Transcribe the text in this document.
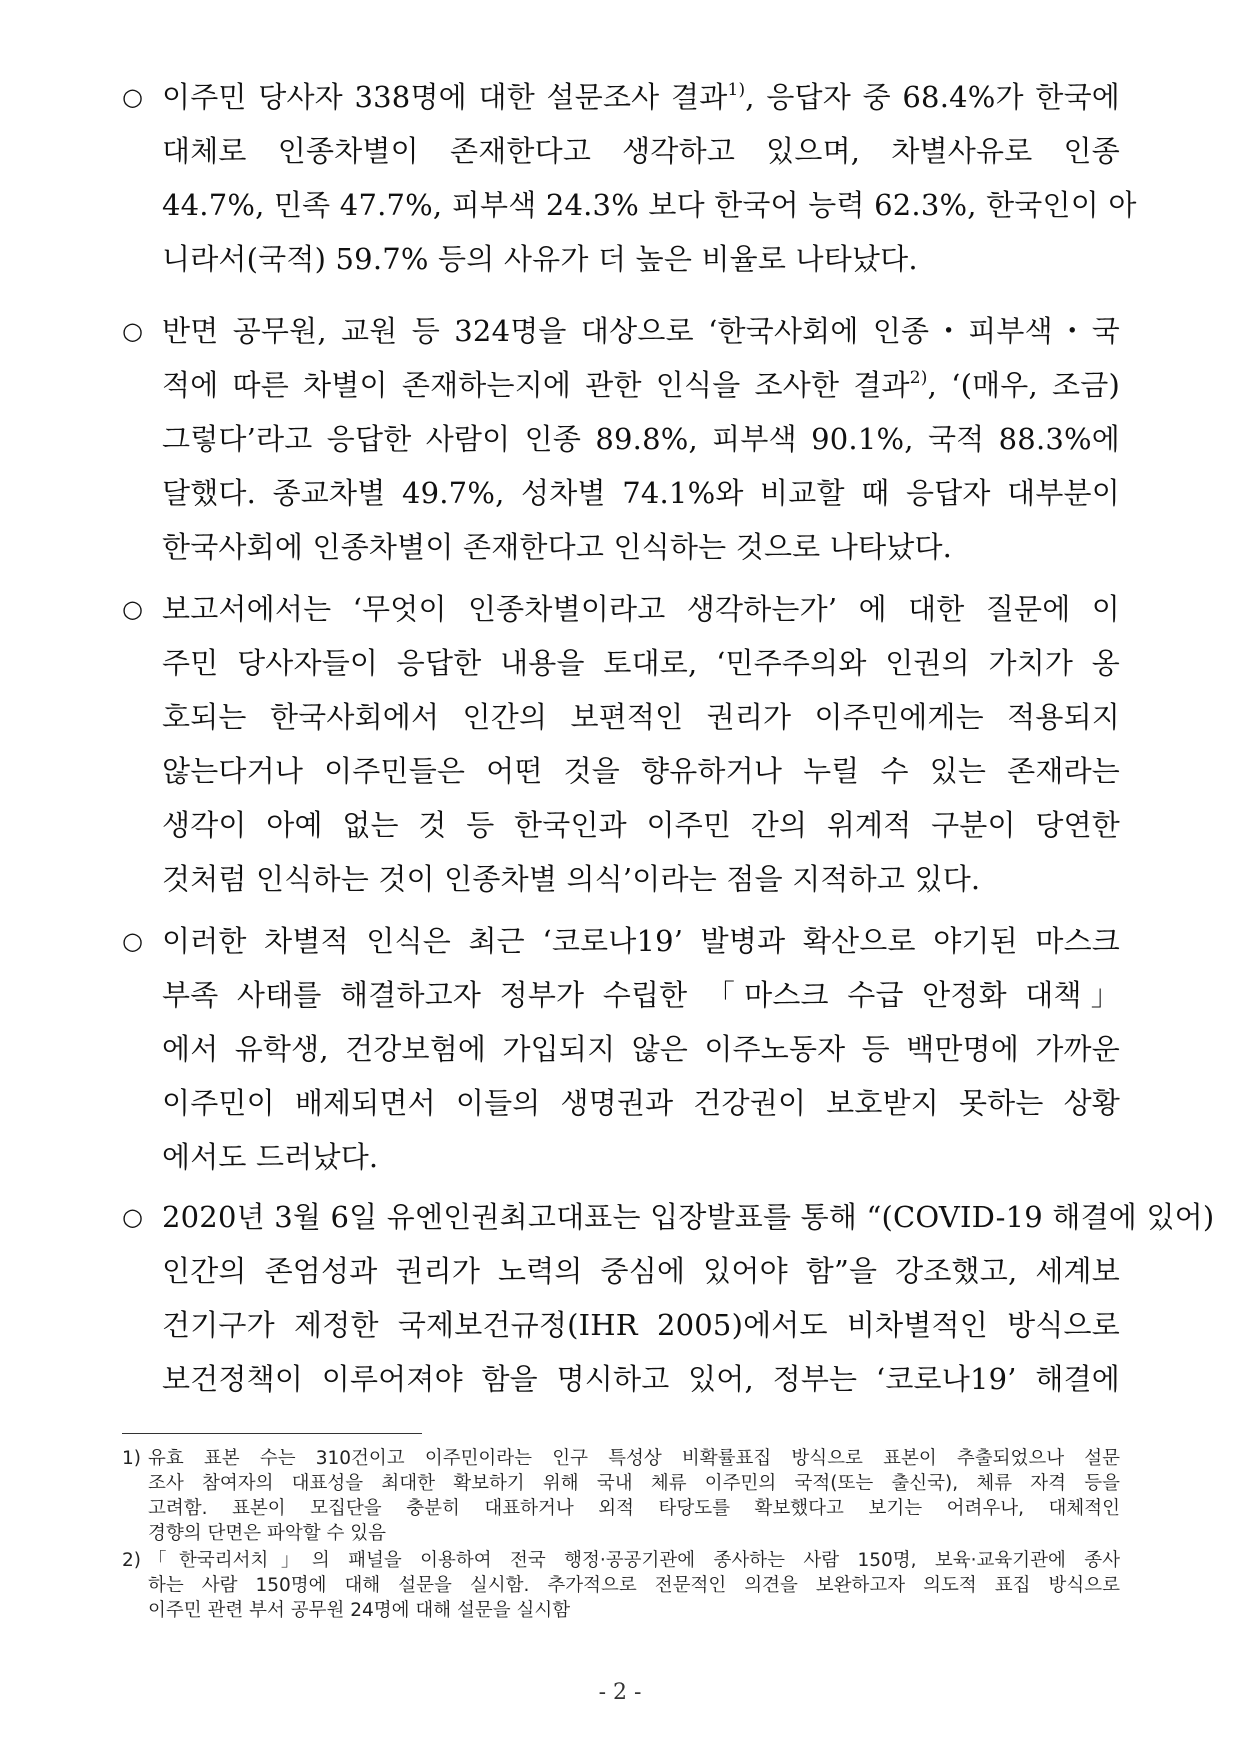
○ 이주민 당사자 338명에 대한 설문조사 결과$^{1)}$, 응답자 중 68.4%가 한국에
대체로 인종차별이 존재한다고 생각하고 있으며, 차별사유로 인종
44.7%, 민족 47.7%, 피부색 24.3% 보다 한국어 능력 62.3%, 한국인이 아
니라서(국적) 59.7% 등의 사유가 더 높은 비율로 나타났다.
○ 반면 공무원, 교원 등 324명을 대상으로 ‘한국사회에 인종・피부색・국
적에 따른 차별이 존재하는지에 관한 인식을 조사한 결과$^{2)}$, ‘(매우, 조금)
그렇다’라고 응답한 사람이 인종 89.8%, 피부색 90.1%, 국적 88.3%에
달했다. 종교차별 49.7%, 성차별 74.1%와 비교할 때 응답자 대부분이
한국사회에 인종차별이 존재한다고 인식하는 것으로 나타났다.
○ 보고서에서는 ‘무엇이 인종차별이라고 생각하는가’ 에 대한 질문에 이
주민 당사자들이 응답한 내용을 토대로, ‘민주주의와 인권의 가치가 옹
호되는 한국사회에서 인간의 보편적인 권리가 이주민에게는 적용되지
않는다거나 이주민들은 어떤 것을 향유하거나 누릴 수 있는 존재라는
생각이 아예 없는 것 등 한국인과 이주민 간의 위계적 구분이 당연한
것처럼 인식하는 것이 인종차별 의식’이라는 점을 지적하고 있다.
○ 이러한 차별적 인식은 최근 ‘코로나19’ 발병과 확산으로 야기된 마스크
부족 사태를 해결하고자 정부가 수립한 「마스크 수급 안정화 대책」
에서 유학생, 건강보험에 가입되지 않은 이주노동자 등 백만명에 가까운
이주민이 배제되면서 이들의 생명권과 건강권이 보호받지 못하는 상황
에서도 드러났다.
○ 2020년 3월 6일 유엔인권최고대표는 입장발표를 통해 “(COVID-19 해결에 있어)
인간의 존엄성과 권리가 노력의 중심에 있어야 함”을 강조했고, 세계보
건기구가 제정한 국제보건규정(IHR 2005)에서도 비차별적인 방식으로
보건정책이 이루어져야 함을 명시하고 있어, 정부는 ‘코로나19’ 해결에
1) 유효 표본 수는 310건이고 이주민이라는 인구 특성상 비확률표집 방식으로 표본이 추출되었으나 설문
조사 참여자의 대표성을 최대한 확보하기 위해 국내 체류 이주민의 국적(또는 출신국), 체류 자격 등을
고려함. 표본이 모집단을 충분히 대표하거나 외적 타당도를 확보했다고 보기는 어려우나, 대체적인
경향의 단면은 파악할 수 있음
2) 「한국리서치」의 패널을 이용하여 전국 행정·공공기관에 종사하는 사람 150명, 보육·교육기관에 종사
하는 사람 150명에 대해 설문을 실시함. 추가적으로 전문적인 의견을 보완하고자 의도적 표집 방식으로
이주민 관련 부서 공무원 24명에 대해 설문을 실시함
- 2 -
